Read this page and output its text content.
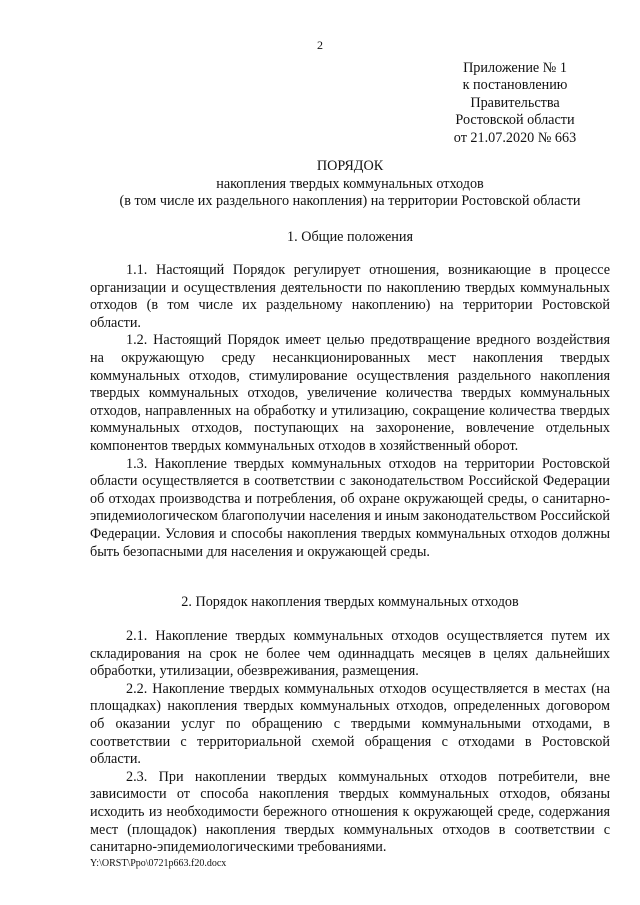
2
Приложение № 1
к постановлению
Правительства
Ростовской области
от 21.07.2020 № 663
ПОРЯДОК
накопления твердых коммунальных отходов
(в том числе их раздельного накопления) на территории Ростовской области
1. Общие положения

1.1. Настоящий Порядок регулирует отношения, возникающие в процессе организации и осуществления деятельности по накоплению твердых коммунальных отходов (в том числе их раздельному накоплению) на территории Ростовской области.

1.2. Настоящий Порядок имеет целью предотвращение вредного воздействия на окружающую среду несанкционированных мест накопления твердых коммунальных отходов, стимулирование осуществления раздельного накопления твердых коммунальных отходов, увеличение количества твердых коммунальных отходов, направленных на обработку и утилизацию, сокращение количества твердых коммунальных отходов, поступающих на захоронение, вовлечение отдельных компонентов твердых коммунальных отходов в хозяйственный оборот.

1.3. Накопление твердых коммунальных отходов на территории Ростовской области осуществляется в соответствии с законодательством Российской Федерации об отходах производства и потребления, об охране окружающей среды, о санитарно-эпидемиологическом благополучии населения и иным законодательством Российской Федерации. Условия и способы накопления твердых коммунальных отходов должны быть безопасными для населения и окружающей среды.

2. Порядок накопления твердых коммунальных отходов

2.1. Накопление твердых коммунальных отходов осуществляется путем их складирования на срок не более чем одиннадцать месяцев в целях дальнейших обработки, утилизации, обезвреживания, размещения.

2.2. Накопление твердых коммунальных отходов осуществляется в местах (на площадках) накопления твердых коммунальных отходов, определенных договором об оказании услуг по обращению с твердыми коммунальными отходами, в соответствии с территориальной схемой обращения с отходами в Ростовской области.

2.3. При накоплении твердых коммунальных отходов потребители, вне зависимости от способа накопления твердых коммунальных отходов, обязаны исходить из необходимости бережного отношения к окружающей среде, содержания мест (площадок) накопления твердых коммунальных отходов в соответствии с санитарно-эпидемиологическими требованиями.

Y:\ORST\Ppo\0721p663.f20.docx
